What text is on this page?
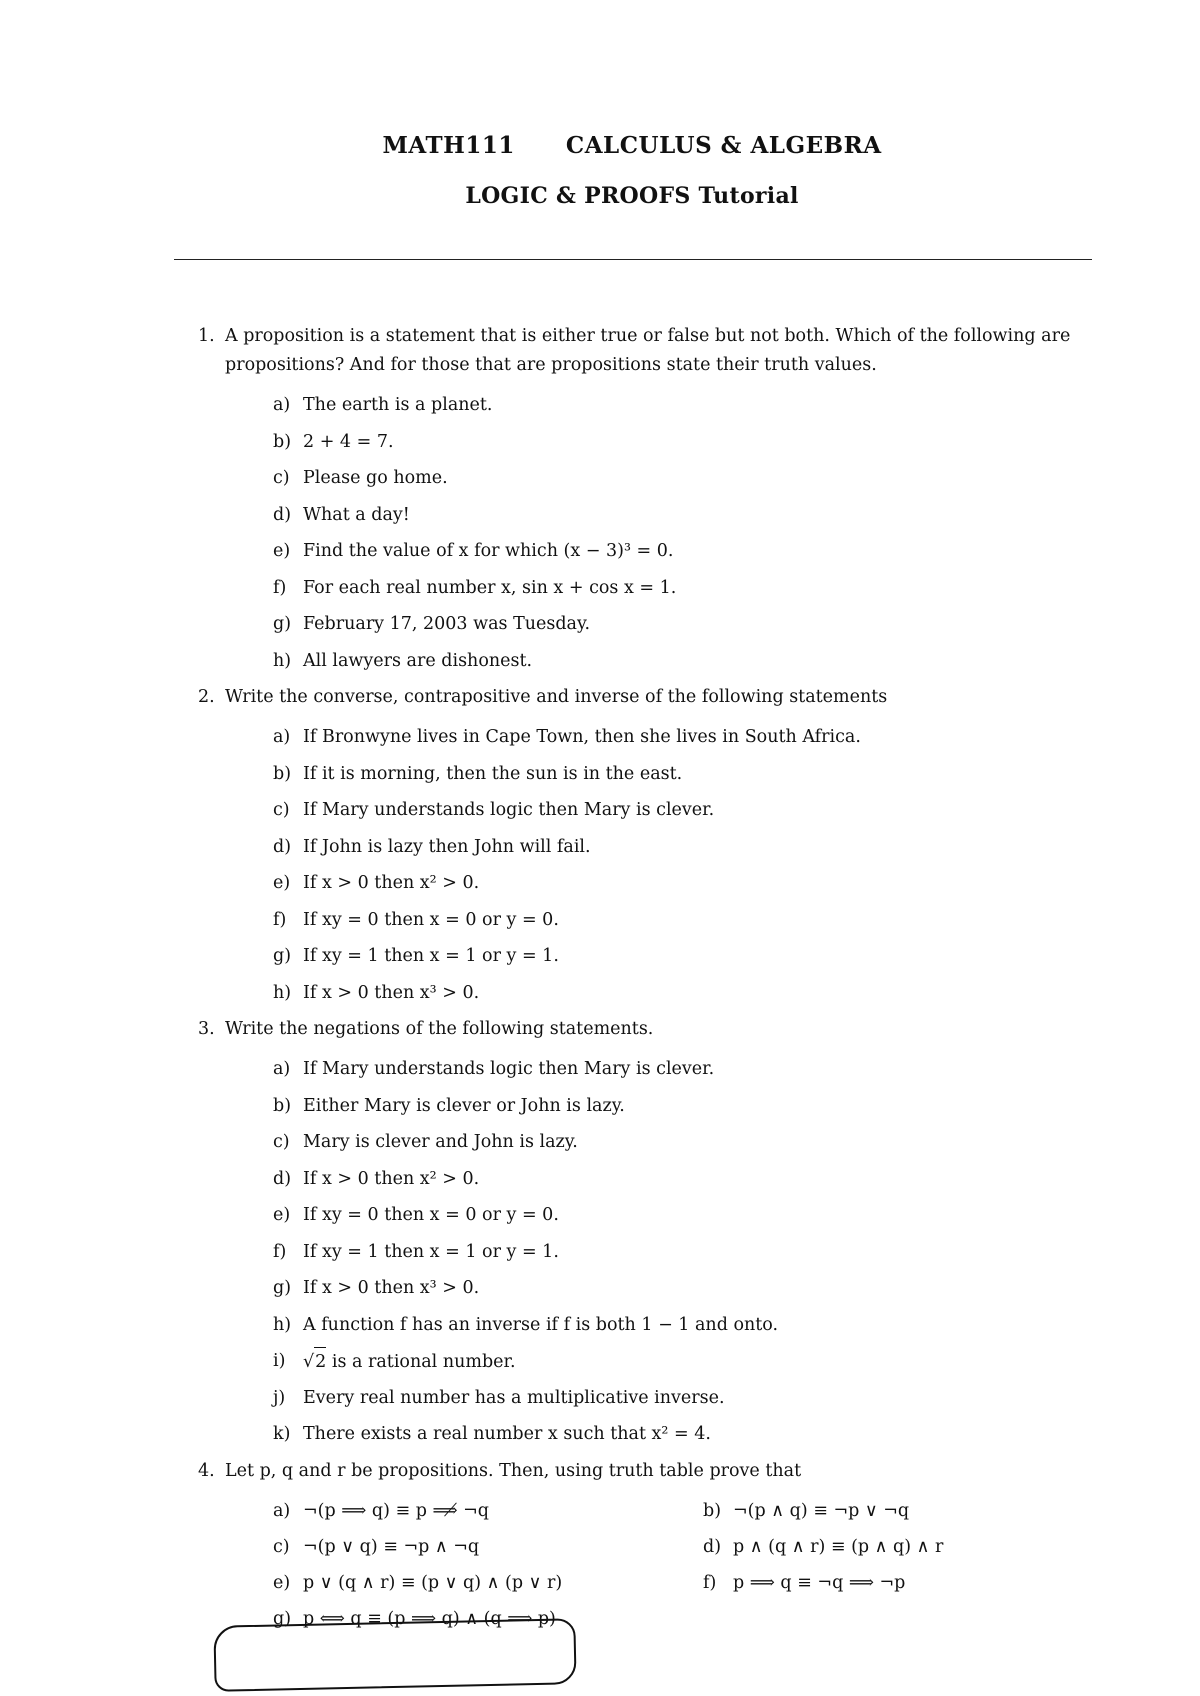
MATH111 CALCULUS & ALGEBRA
LOGIC & PROOFS Tutorial
1. A proposition is a statement that is either true or false but not both. Which of the following are propositions? And for those that are propositions state their truth values.
a) The earth is a planet.
b) 2 + 4 = 7.
c) Please go home.
d) What a day!
e) Find the value of x for which (x − 3)³ = 0.
f) For each real number x, sin x + cos x = 1.
g) February 17, 2003 was Tuesday.
h) All lawyers are dishonest.
2. Write the converse, contrapositive and inverse of the following statements
a) If Bronwyne lives in Cape Town, then she lives in South Africa.
b) If it is morning, then the sun is in the east.
c) If Mary understands logic then Mary is clever.
d) If John is lazy then John will fail.
e) If x > 0 then x² > 0.
f) If xy = 0 then x = 0 or y = 0.
g) If xy = 1 then x = 1 or y = 1.
h) If x > 0 then x³ > 0.
3. Write the negations of the following statements.
a) If Mary understands logic then Mary is clever.
b) Either Mary is clever or John is lazy.
c) Mary is clever and John is lazy.
d) If x > 0 then x² > 0.
e) If xy = 0 then x = 0 or y = 0.
f) If xy = 1 then x = 1 or y = 1.
g) If x > 0 then x³ > 0.
h) A function f has an inverse if f is both 1 − 1 and onto.
i) √2 is a rational number.
j) Every real number has a multiplicative inverse.
k) There exists a real number x such that x² = 4.
4. Let p, q and r be propositions. Then, using truth table prove that
a) ¬(p ⟹ q) ≡ p ⟹̸ ¬q	b) ¬(p ∧ q) ≡ ¬p ∨ ¬q
c) ¬(p ∨ q) ≡ ¬p ∧ ¬q	d) p ∧ (q ∧ r) ≡ (p ∧ q) ∧ r
e) p ∨ (q ∧ r) ≡ (p ∨ q) ∧ (p ∨ r)	f) p ⟹ q ≡ ¬q ⟹ ¬p
g) p ⟺ q ≡ (p ⟹ q) ∧ (q ⟹ p)
